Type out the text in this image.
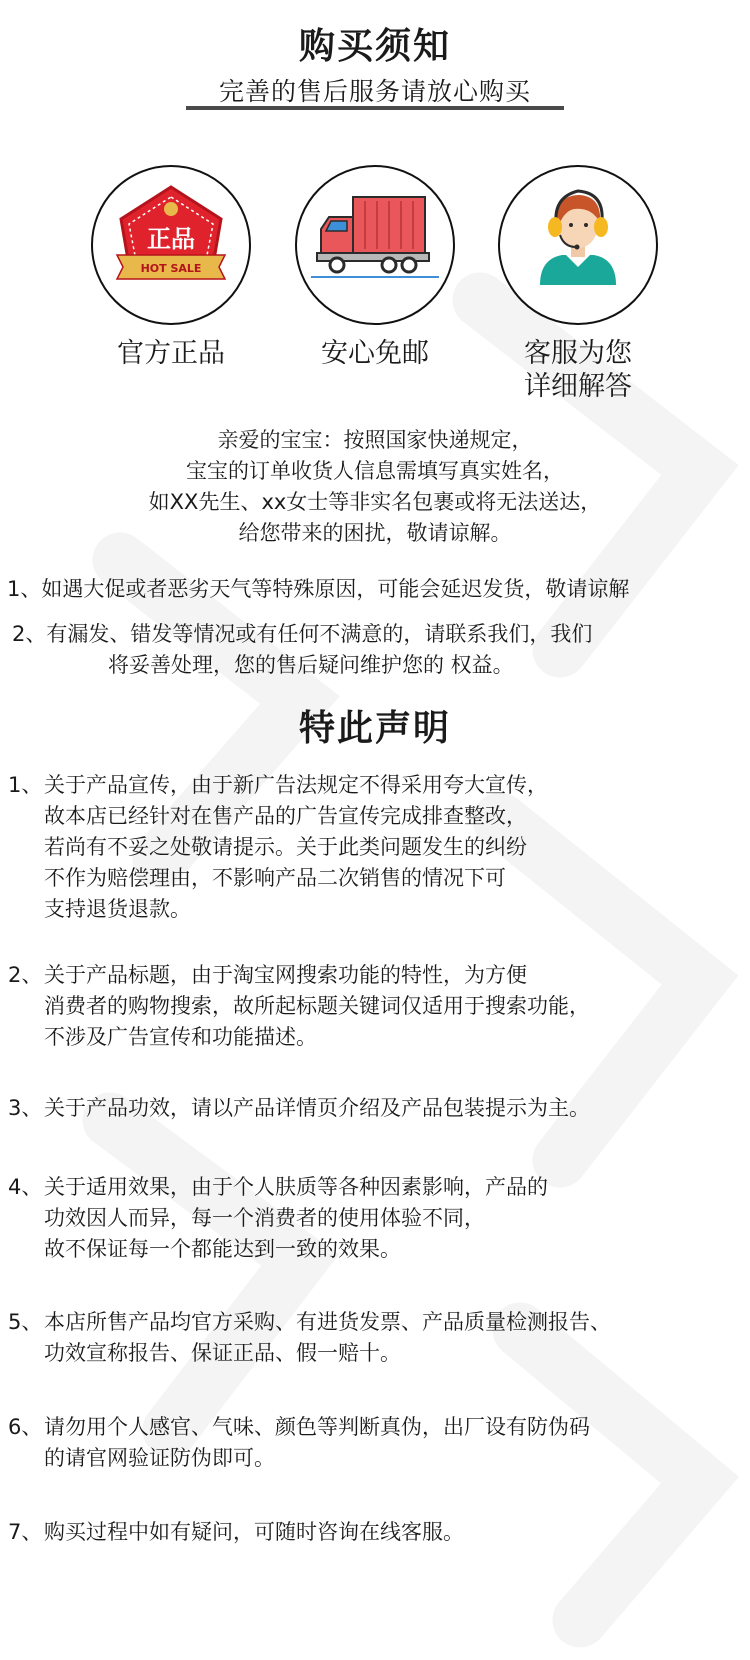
购买须知
完善的售后服务请放心购买
正品
HOT SALE
官方正品	安心免邮	客服为您
详细解答
亲爱的宝宝：按照国家快递规定，
宝宝的订单收货人信息需填写真实姓名，
如XX先生、xx女士等非实名包裹或将无法送达，
给您带来的困扰，敬请谅解。
1、如遇大促或者恶劣天气等特殊原因，可能会延迟发货，敬请谅解
2、有漏发、错发等情况或有任何不满意的，请联系我们，我们
将妥善处理，您的售后疑问维护您的 权益。
特此声明
1、 关于产品宣传，由于新广告法规定不得采用夸大宣传，
故本店已经针对在售产品的广告宣传完成排查整改，
若尚有不妥之处敬请提示。关于此类问题发生的纠纷
不作为赔偿理由，不影响产品二次销售的情况下可
支持退货退款。
2、 关于产品标题，由于淘宝网搜索功能的特性，为方便
消费者的购物搜索，故所起标题关键词仅适用于搜索功能，
不涉及广告宣传和功能描述。
3、 关于产品功效，请以产品详情页介绍及产品包装提示为主。
4、 关于适用效果，由于个人肤质等各种因素影响，产品的
功效因人而异，每一个消费者的使用体验不同，
故不保证每一个都能达到一致的效果。
5、 本店所售产品均官方采购、有进货发票、产品质量检测报告、
功效宣称报告、保证正品、假一赔十。
6、 请勿用个人感官、气味、颜色等判断真伪，出厂设有防伪码
的请官网验证防伪即可。
7、 购买过程中如有疑问，可随时咨询在线客服。
